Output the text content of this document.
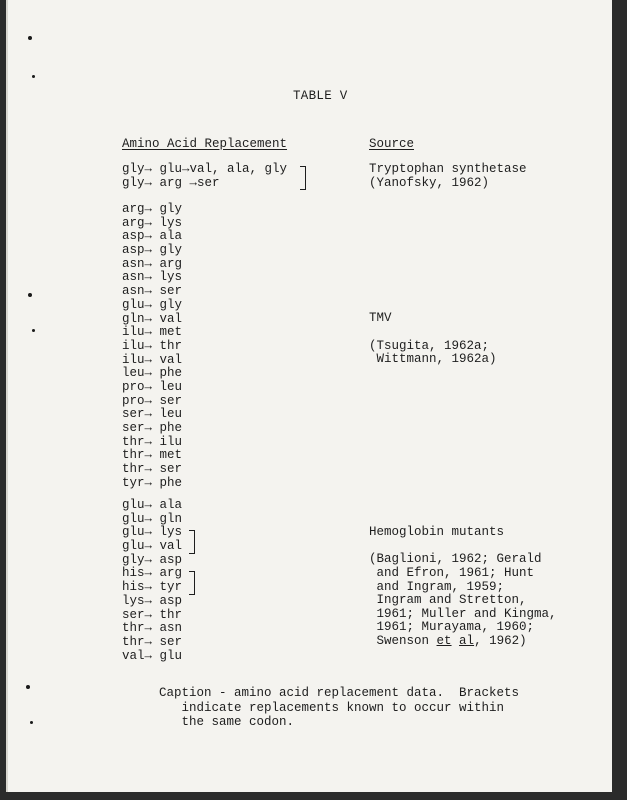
TABLE V
Amino Acid Replacement	Source
gly→ glu→val, ala, gly
gly→ arg →ser
arg→ gly
arg→ lys
asp→ ala
asp→ gly
asn→ arg
asn→ lys
asn→ ser
glu→ gly
gln→ val
ilu→ met
ilu→ thr
ilu→ val
leu→ phe
pro→ leu
pro→ ser
ser→ leu
ser→ phe
thr→ ilu
thr→ met
thr→ ser
tyr→ phe
glu→ ala
glu→ gln
glu→ lys
glu→ val
gly→ asp
his→ arg
his→ tyr
lys→ asp
ser→ thr
thr→ asn
thr→ ser
val→ glu

Tryptophan synthetase

(Yanofsky, 1962)

TMV

(Tsugita, 1962a;

Wittmann, 1962a)

Hemoglobin mutants

(Baglioni, 1962; Gerald

and Efron, 1961; Hunt

and Ingram, 1959;

Ingram and Stretton,

1961; Muller and Kingma,

1961; Murayama, 1960;

Swenson et al, 1962)

Caption - amino acid replacement data.  Brackets
indicate replacements known to occur within
the same codon.
